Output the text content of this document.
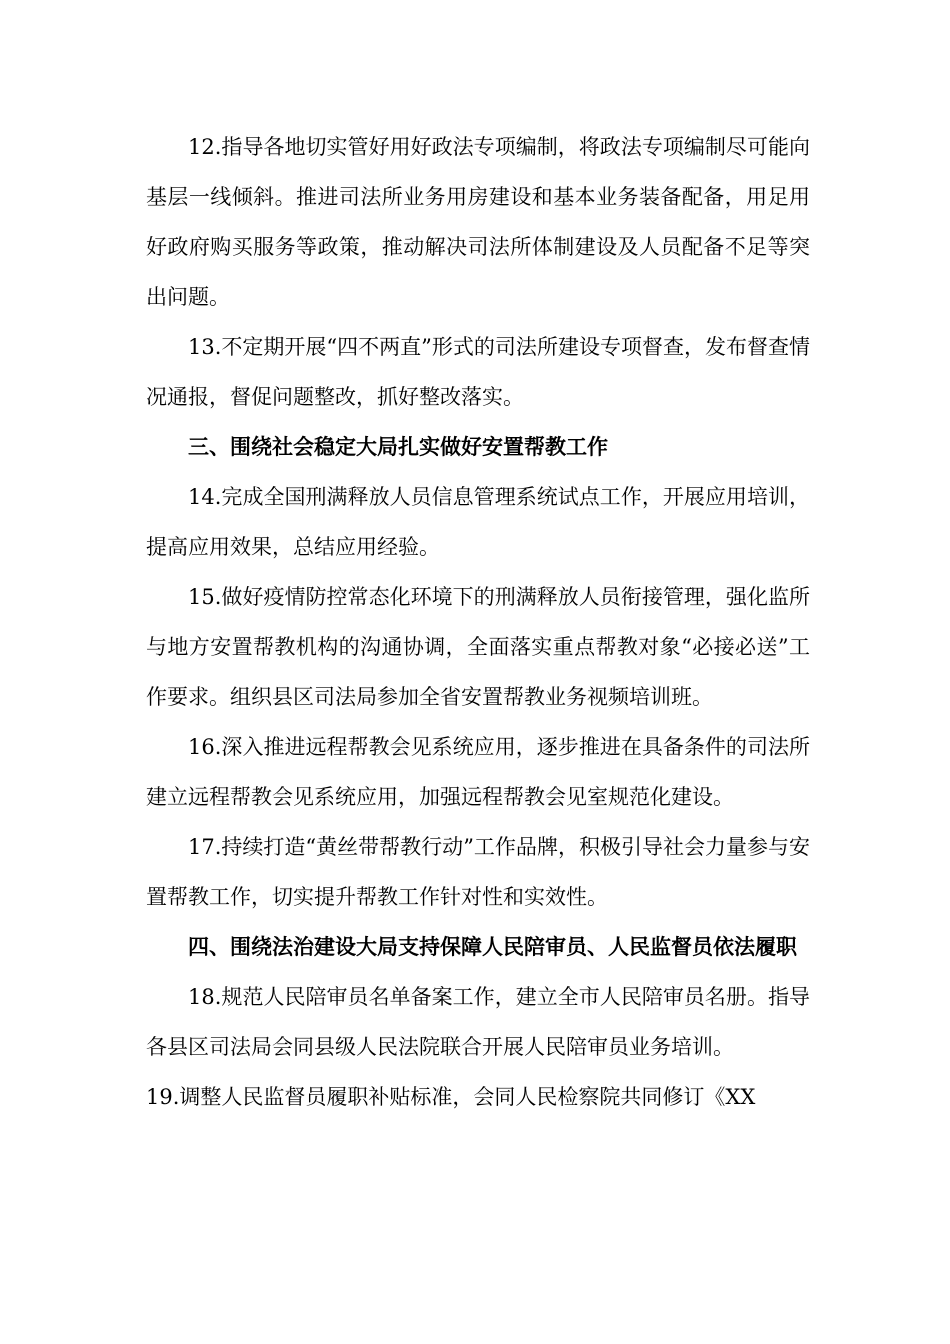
12.指导各地切实管好用好政法专项编制，将政法专项编制尽可能向基层一线倾斜。推进司法所业务用房建设和基本业务装备配备，用足用好政府购买服务等政策，推动解决司法所体制建设及人员配备不足等突出问题。

13.不定期开展“四不两直”形式的司法所建设专项督查，发布督查情况通报，督促问题整改，抓好整改落实。

三、围绕社会稳定大局扎实做好安置帮教工作

14.完成全国刑满释放人员信息管理系统试点工作，开展应用培训，提高应用效果，总结应用经验。

15.做好疫情防控常态化环境下的刑满释放人员衔接管理，强化监所与地方安置帮教机构的沟通协调，全面落实重点帮教对象“必接必送”工作要求。组织县区司法局参加全省安置帮教业务视频培训班。

16.深入推进远程帮教会见系统应用，逐步推进在具备条件的司法所建立远程帮教会见系统应用，加强远程帮教会见室规范化建设。

17.持续打造“黄丝带帮教行动”工作品牌，积极引导社会力量参与安置帮教工作，切实提升帮教工作针对性和实效性。

四、围绕法治建设大局支持保障人民陪审员、人民监督员依法履职

18.规范人民陪审员名单备案工作，建立全市人民陪审员名册。指导各县区司法局会同县级人民法院联合开展人民陪审员业务培训。

19.调整人民监督员履职补贴标准，会同人民检察院共同修订《XX
